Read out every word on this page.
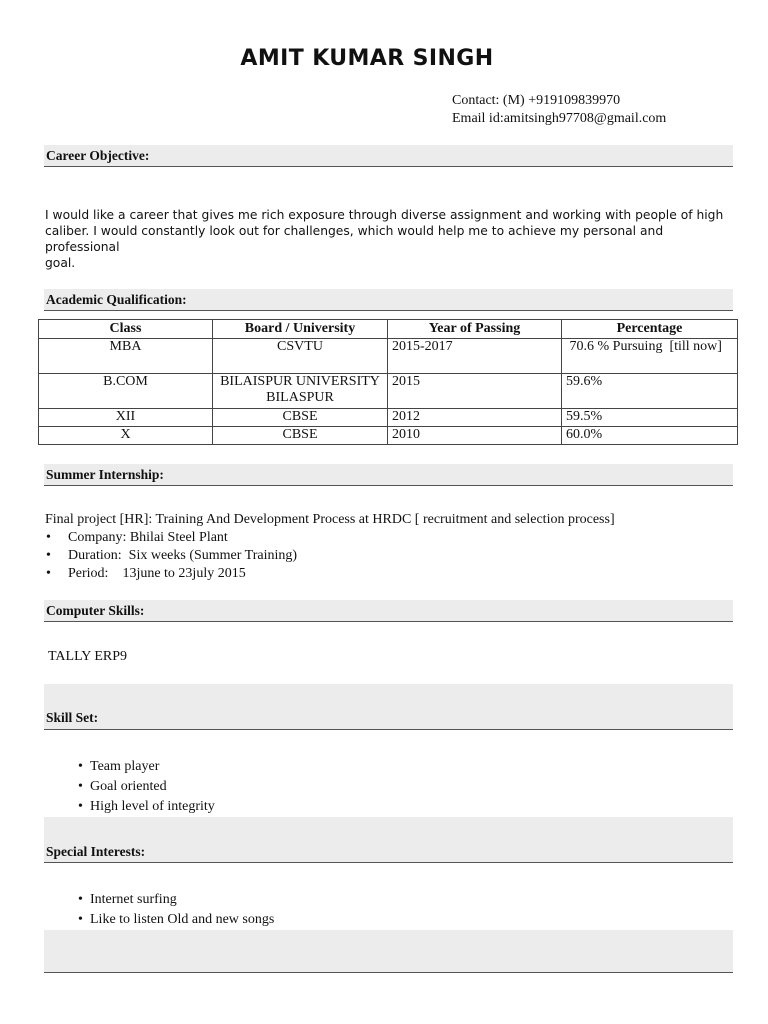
AMIT KUMAR SINGH
Contact: (M) +919109839970
Email id:amitsingh97708@gmail.com
Career Objective:
I would like a career that gives me rich exposure through diverse assignment and working with people of high
caliber. I would constantly look out for challenges, which would help me to achieve my personal and professional
goal.
Academic Qualification:
Class	Board / University	Year of Passing	Percentage
MBA	CSVTU	2015-2017	70.6 % Pursuing  [till now]
B.COM	BILAISPUR UNIVERSITY BILASPUR	2015	59.6%
XII	CBSE	2012	59.5%
X	CBSE	2010	60.0%
Summer Internship:
Final project [HR]: Training And Development Process at HRDC [ recruitment and selection process]
• Company: Bhilai Steel Plant
• Duration:  Six weeks (Summer Training)
• Period:    13june to 23july 2015
Computer Skills:
TALLY ERP9
Skill Set:
• Team player
• Goal oriented
• High level of integrity
Special Interests:
• Internet surfing
• Like to listen Old and new songs
